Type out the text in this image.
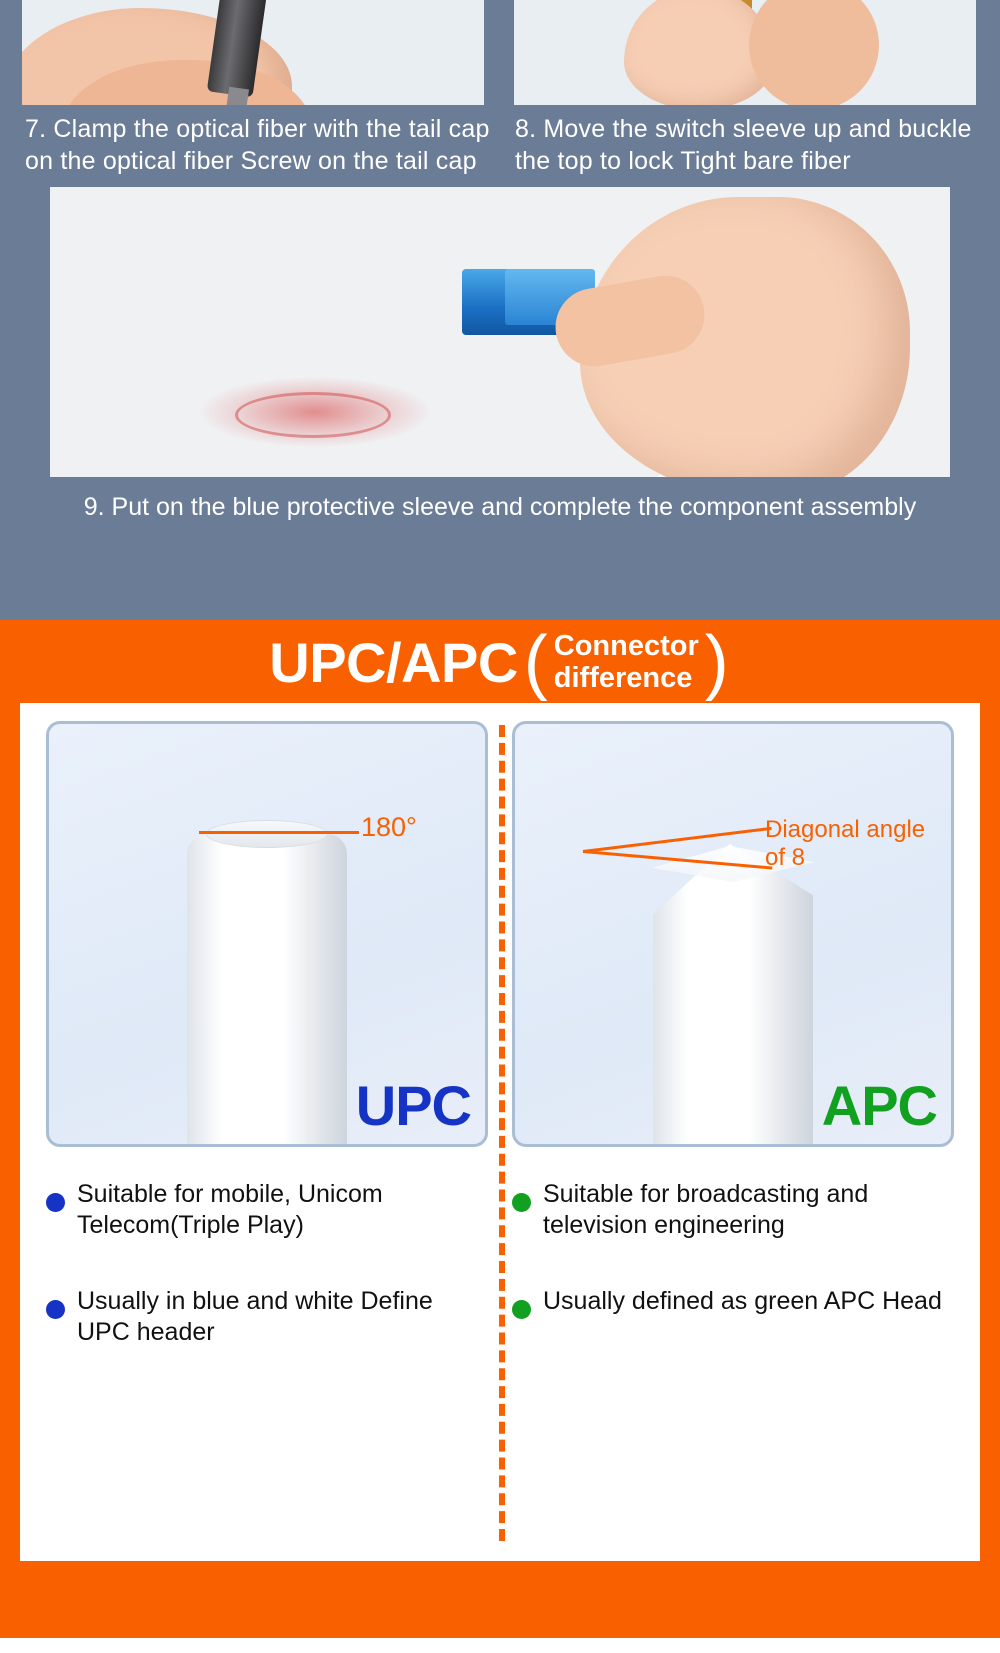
7. Clamp the optical fiber with the tail cap on the optical fiber Screw on the tail cap
8. Move the switch sleeve up and buckle the top to lock Tight bare fiber
9. Put on the blue protective sleeve and complete the component assembly
UPC/APC ( Connector
difference )
180°
UPC
Suitable for mobile, Unicom Telecom(Triple Play)
Usually in blue and white Define UPC header
Diagonal angle of 8
APC
Suitable for broadcasting and television engineering
Usually defined as green APC Head
